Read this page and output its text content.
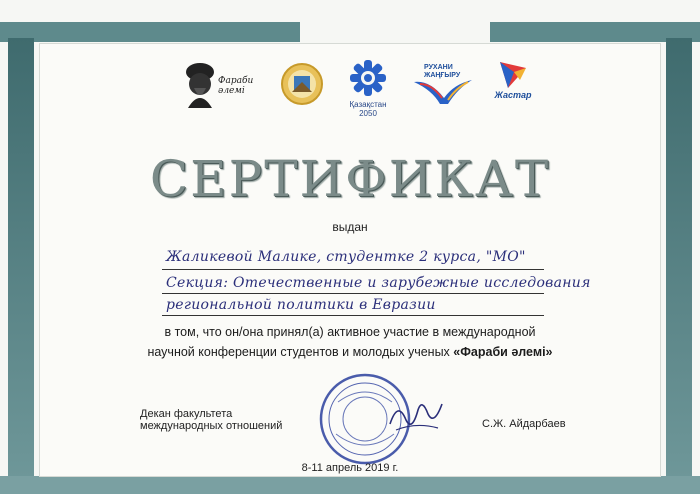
Фараби әлемі
Қазақстан 2050
РУХАНИ ЖАҢҒЫРУ
Жастар
СЕРТИФИКАТ
выдан
Жаликевой Малике, студентке 2 курса, "МО"
Секция: Отечественные и зарубежные исследования
региональной политики в Евразии
в том, что он/она принял(а) активное участие в международной
научной конференции студентов и молодых ученых «Фараби әлемі»
Декан факультета
международных отношений	С.Ж. Айдарбаев
8-11 апрель 2019 г.
